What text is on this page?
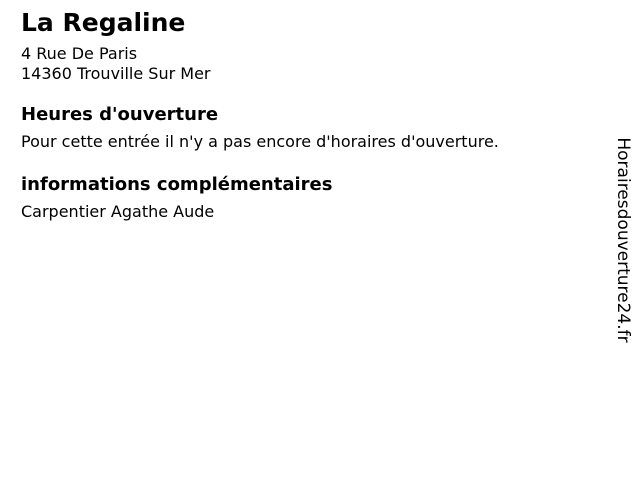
La Regaline
4 Rue De Paris
14360 Trouville Sur Mer
Heures d'ouverture

Pour cette entrée il n'y a pas encore d'horaires d'ouverture.

informations complémentaires

Carpentier Agathe Aude	Horairesdouverture24.fr
